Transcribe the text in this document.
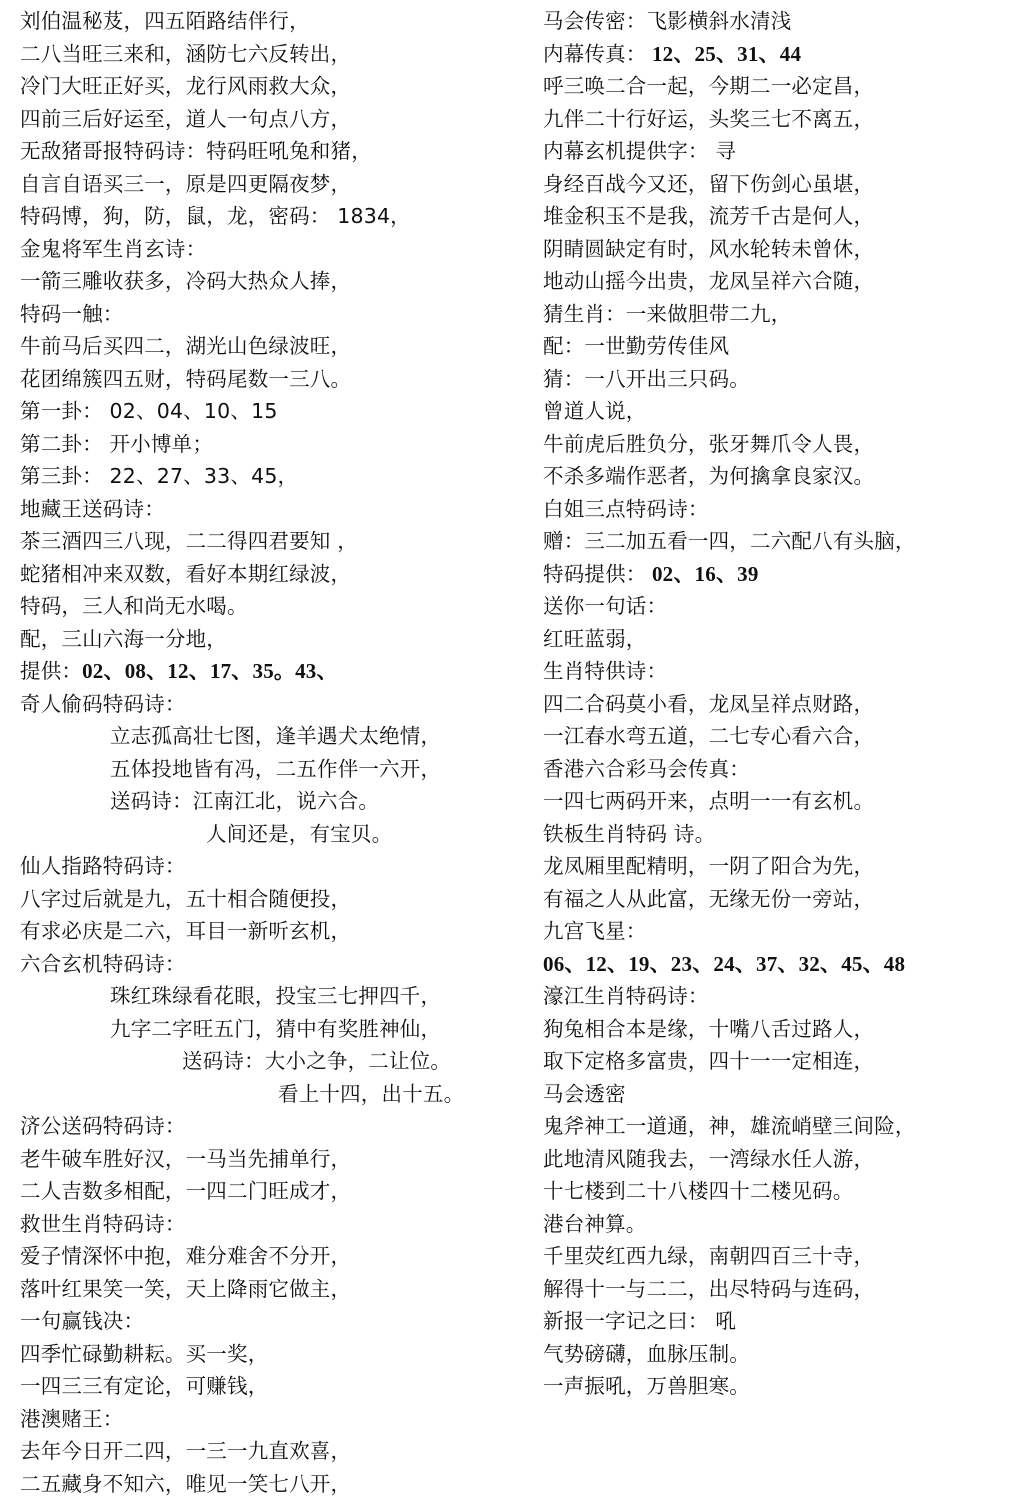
刘伯温秘芨，四五陌路结伴行，
二八当旺三来和，涵防七六反转出，
冷门大旺正好买，龙行风雨救大众，
四前三后好运至，道人一句点八方，
无敌猪哥报特码诗：特码旺吼兔和猪，
自言自语买三一，原是四更隔夜梦，
特码博，狗，防，鼠，龙，密码： 1834，
金鬼将军生肖玄诗：
一箭三雕收获多，冷码大热众人捧，
特码一触：
牛前马后买四二，湖光山色绿波旺，
花团绵簇四五财，特码尾数一三八。
第一卦： 02、04、10、15
第二卦： 开小博单；
第三卦： 22、27、33、45，
地藏王送码诗：
茶三酒四三八现，二二得四君要知 ，
蛇猪相冲来双数，看好本期红绿波，
特码，三人和尚无水喝。
配，三山六海一分地，
提供：02、08、12、17、35。43、
奇人偷码特码诗：
立志孤高壮七图，逢羊遇犬太绝情，
五体投地皆有冯，二五作伴一六开，
送码诗：江南江北，说六合。
人间还是，有宝贝。
仙人指路特码诗：
八字过后就是九，五十相合随便投，
有求必庆是二六，耳目一新听玄机，
六合玄机特码诗：
珠红珠绿看花眼，投宝三七押四千，
九字二字旺五门，猜中有奖胜神仙，
送码诗：大小之争，二让位。
看上十四，出十五。
济公送码特码诗：
老牛破车胜好汉，一马当先捕单行，
二人吉数多相配，一四二门旺成才，
救世生肖特码诗：
爱子情深怀中抱，难分难舍不分开，
落叶红果笑一笑，天上降雨它做主，
一句赢钱决：
四季忙碌勤耕耘。买一奖，
一四三三有定论，可赚钱，
港澳赌王：
去年今日开二四，一三一九直欢喜，
二五藏身不知六，唯见一笑七八开，
马会传密：飞影横斜水清浅
内幕传真： 12、25、31、44
呼三唤二合一起，今期二一必定昌，
九伴二十行好运，头奖三七不离五，
内幕玄机提供字： 寻
身经百战今又还，留下伤剑心虽堪，
堆金积玉不是我，流芳千古是何人，
阴睛圆缺定有时，风水轮转未曾休，
地动山摇今出贵，龙凤呈祥六合随，
猜生肖：一来做胆带二九，
配：一世勤劳传佳风
猜：一八开出三只码。
曾道人说，
牛前虎后胜负分，张牙舞爪令人畏，
不杀多端作恶者，为何擒拿良家汉。
白姐三点特码诗：
赠：三二加五看一四，二六配八有头脑，
特码提供： 02、16、39
送你一句话：
红旺蓝弱，
生肖特供诗：
四二合码莫小看，龙凤呈祥点财路，
一江春水弯五道，二七专心看六合，
香港六合彩马会传真：
一四七两码开来，点明一一有玄机。
铁板生肖特码 诗。
龙凤厢里配精明，一阴了阳合为先，
有福之人从此富，无缘无份一旁站，
九宫飞星：
06、12、19、23、24、37、32、45、48
濠江生肖特码诗：
狗兔相合本是缘，十嘴八舌过路人，
取下定格多富贵，四十一一定相连，
马会透密
鬼斧神工一道通，神，雄流峭壁三间险，
此地清风随我去，一湾绿水任人游，
十七楼到二十八楼四十二楼见码。
港台神算。
千里荧红西九绿，南朝四百三十寺，
解得十一与二二，出尽特码与连码，
新报一字记之曰： 吼
气势磅礴，血脉压制。
一声振吼，万兽胆寒。
